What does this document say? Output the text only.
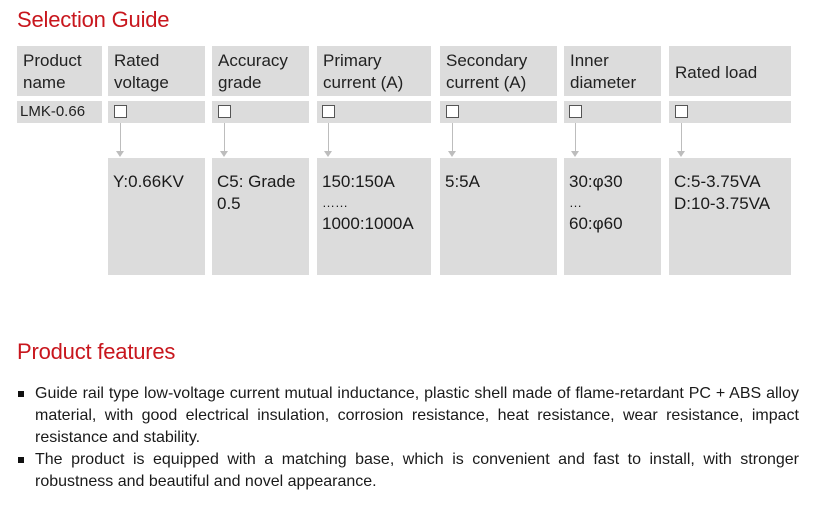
Selection Guide
Product
name
Rated
voltage
Accuracy
grade
Primary
current (A)
Secondary
current (A)
Inner
diameter
Rated load
LMK-0.66
Y:0.66KV	C5: Grade
0.5
150:150A
……
1000:1000A
5:5A	30:φ30
…
60:φ60
C:5-3.75VA
D:10-3.75VA
Product features
Guide rail type low-voltage current mutual inductance, plastic shell made of flame-retardant PC + ABS alloy material, with good electrical insulation, corrosion resistance, heat resistance, wear resistance, impact resistance and stability.
The product is equipped with a matching base, which is convenient and fast to install, with stronger robustness and beautiful and novel appearance.
